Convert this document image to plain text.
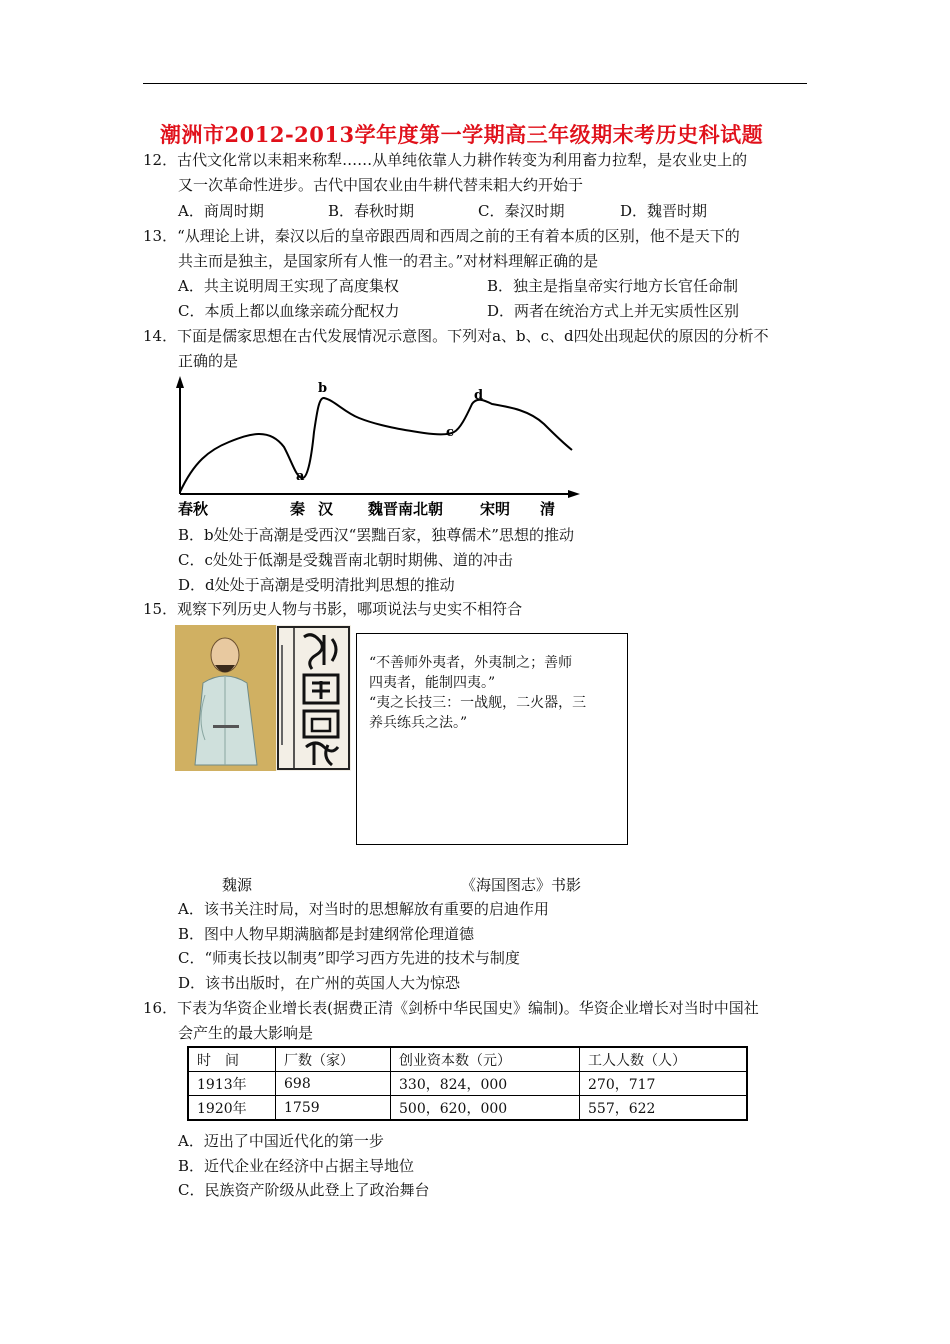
潮洲市2012-2013学年度第一学期高三年级期末考历史科试题
12．古代文化常以耒耜来称犁……从单纯依靠人力耕作转变为利用畜力拉犁，是农业史上的
又一次革命性进步。古代中国农业由牛耕代替耒耜大约开始于
A．商周时期	B．春秋时期	C．秦汉时期	D．魏晋时期
13．“从理论上讲，秦汉以后的皇帝跟西周和西周之前的王有着本质的区别，他不是天下的
共主而是独主，是国家所有人惟一的君主。”对材料理解正确的是
A．共主说明周王实现了高度集权	B．独主是指皇帝实行地方长官任命制
C．本质上都以血缘亲疏分配权力	D．两者在统治方式上并无实质性区别
14．下面是儒家思想在古代发展情况示意图。下列对a、b、c、d四处出现起伏的原因的分析不
正确的是
a
b
c
d
春秋	秦 汉 魏晋南北朝 宋明 清
B．b处处于高潮是受西汉“罢黜百家，独尊儒术”思想的推动
C．c处处于低潮是受魏晋南北朝时期佛、道的冲击
D．d处处于高潮是受明清批判思想的推动
15．观察下列历史人物与书影，哪项说法与史实不相符合
“不善师外夷者，外夷制之；善师
四夷者，能制四夷。”
“夷之长技三：一战舰，二火器，三
养兵练兵之法。”
魏源	《海国图志》书影
A．该书关注时局，对当时的思想解放有重要的启迪作用
B．图中人物早期满脑都是封建纲常伦理道德
C．“师夷长技以制夷”即学习西方先进的技术与制度
D．该书出版时，在广州的英国人大为惊恐
16．下表为华资企业增长表(据费正清《剑桥中华民国史》编制)。华资企业增长对当时中国社
会产生的最大影响是
时　间	厂数（家）	创业资本数（元）	工人人数（人）
1913年	698	330，824，000	270，717
1920年	1759	500，620，000	557，622
A．迈出了中国近代化的第一步
B．近代企业在经济中占据主导地位
C．民族资产阶级从此登上了政治舞台
